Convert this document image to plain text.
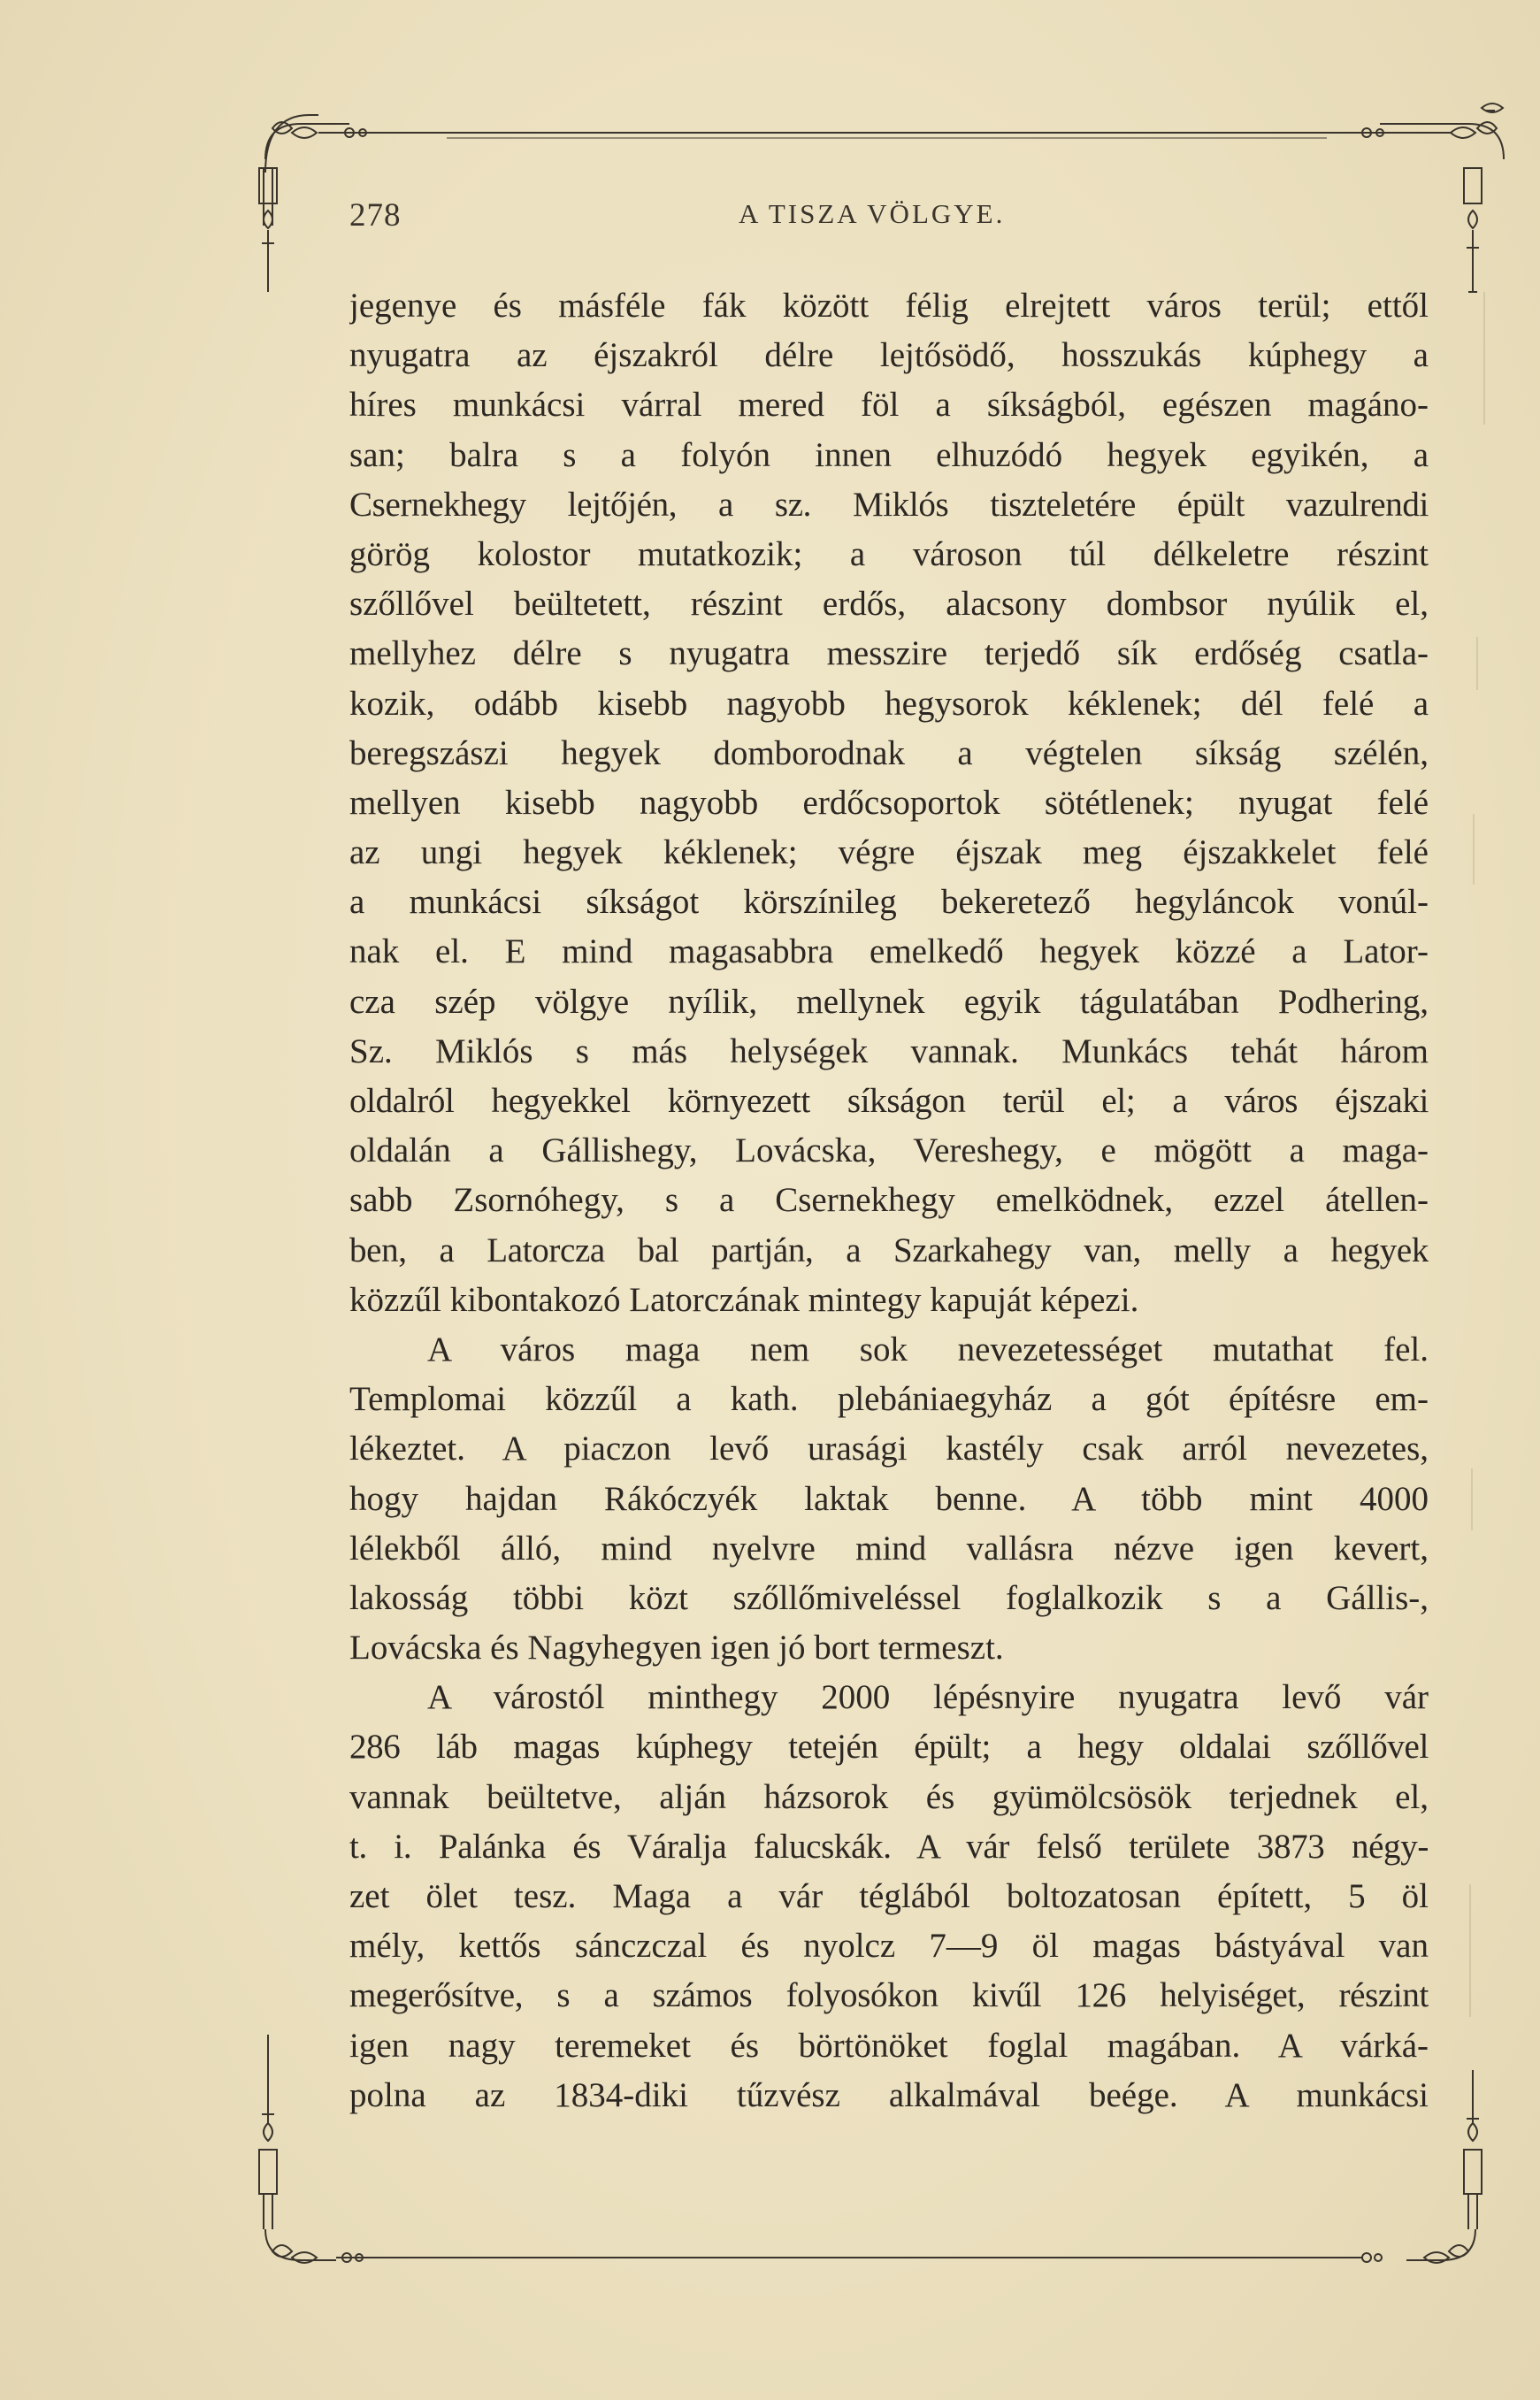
278	A TISZA VÖLGYE.
jegenye és másféle fák között félig elrejtett város terül; ettől
nyugatra az éjszakról délre lejtősödő, hosszukás kúphegy a
híres munkácsi várral mered föl a síkságból, egészen magáno-
san; balra s a folyón innen elhuzódó hegyek egyikén, a
Csernekhegy lejtőjén, a sz. Miklós tiszteletére épült vazulrendi
görög kolostor mutatkozik; a városon túl délkeletre részint
szőllővel beültetett, részint erdős, alacsony dombsor nyúlik el,
mellyhez délre s nyugatra messzire terjedő sík erdőség csatla-
kozik, odább kisebb nagyobb hegysorok kéklenek; dél felé a
beregszászi hegyek domborodnak a végtelen síkság szélén,
mellyen kisebb nagyobb erdőcsoportok sötétlenek; nyugat felé
az ungi hegyek kéklenek; végre éjszak meg éjszakkelet felé
a munkácsi síkságot körszínileg bekeretező hegyláncok vonúl-
nak el. E mind magasabbra emelkedő hegyek közzé a Lator-
cza szép völgye nyílik, mellynek egyik tágulatában Podhering,
Sz. Miklós s más helységek vannak. Munkács tehát három
oldalról hegyekkel környezett síkságon terül el; a város éjszaki
oldalán a Gállishegy, Lovácska, Vereshegy, e mögött a maga-
sabb Zsornóhegy, s a Csernekhegy emelködnek, ezzel átellen-
ben, a Latorcza bal partján, a Szarkahegy van, melly a hegyek
közzűl kibontakozó Latorczának mintegy kapuját képezi.
A város maga nem sok nevezetességet mutathat fel.
Templomai közzűl a kath. plebániaegyház a gót építésre em-
lékeztet. A piaczon levő urasági kastély csak arról nevezetes,
hogy hajdan Rákóczyék laktak benne. A több mint 4000
lélekből álló, mind nyelvre mind vallásra nézve igen kevert,
lakosság többi közt szőllőmiveléssel foglalkozik s a Gállis-,
Lovácska és Nagyhegyen igen jó bort termeszt.
A várostól minthegy 2000 lépésnyire nyugatra levő vár
286 láb magas kúphegy tetején épült; a hegy oldalai szőllővel
vannak beültetve, alján házsorok és gyümölcsösök terjednek el,
t. i. Palánka és Váralja falucskák. A vár felső területe 3873 négy-
zet ölet tesz. Maga a vár téglából boltozatosan épített, 5 öl
mély, kettős sánczczal és nyolcz 7—9 öl magas bástyával van
megerősítve, s a számos folyosókon kivűl 126 helyiséget, részint
igen nagy teremeket és börtönöket foglal magában. A várká-
polna az 1834-diki tűzvész alkalmával beége. A munkácsi
